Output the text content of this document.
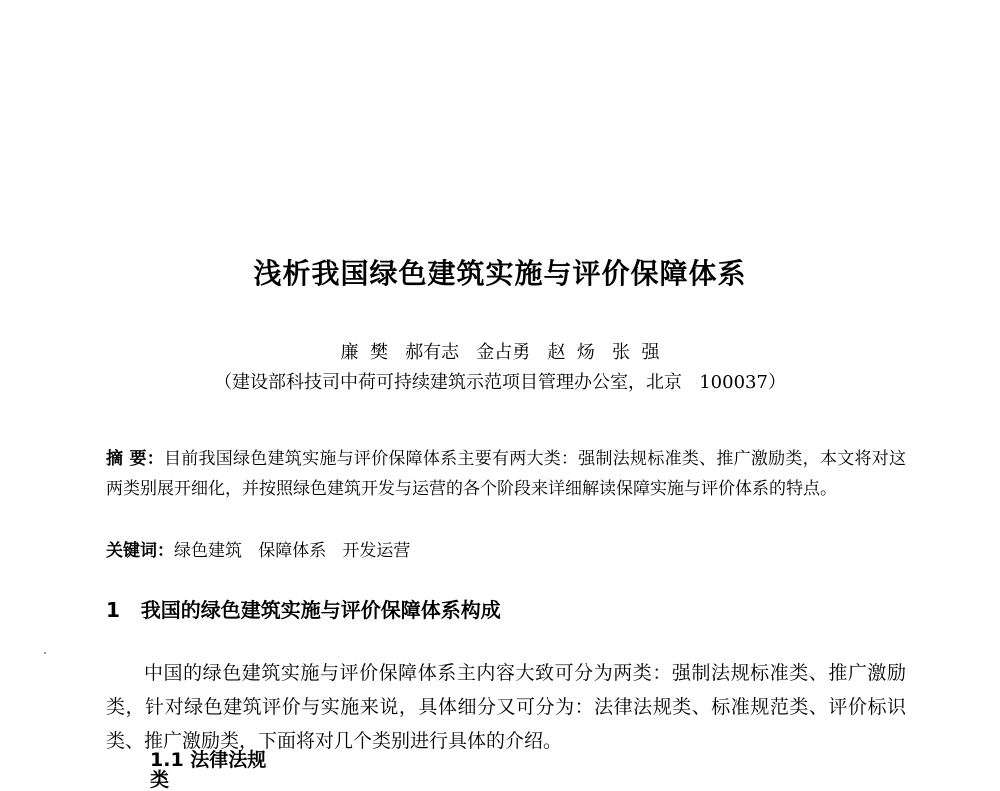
浅析我国绿色建筑实施与评价保障体系
廉  樊   郝有志   金占勇   赵  炀   张  强
（建设部科技司中荷可持续建筑示范项目管理办公室，北京   100037）
摘 要：目前我国绿色建筑实施与评价保障体系主要有两大类：强制法规标准类、推广激励类，本文将对这两类别展开细化，并按照绿色建筑开发与运营的各个阶段来详细解读保障实施与评价体系的特点。
关键词：绿色建筑   保障体系   开发运营
1   我国的绿色建筑实施与评价保障体系构成
中国的绿色建筑实施与评价保障体系主内容大致可分为两类：强制法规标准类、推广激励类，针对绿色建筑评价与实施来说，具体细分又可分为：法律法规类、标准规范类、评价标识类、推广激励类，下面将对几个类别进行具体的介绍。
1.1 法律法规类
